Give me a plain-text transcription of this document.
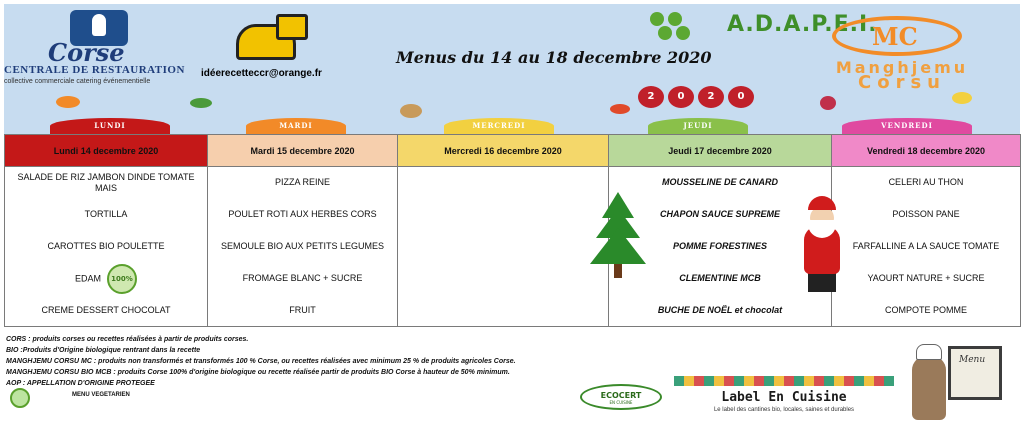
Corse
CENTRALE DE RESTAURATION
collective commerciale catering événementielle
idéerecetteccr@orange.fr
Menus du 14 au 18 decembre 2020
A.D.A.P.E.I.
MC
Manghjemu
Corsu
2 0 2 0
LUNDI	MARDI	MERCREDI	JEUDI	VENDREDI
Lundi 14 decembre 2020	Mardi 15 decembre 2020	Mercredi 16 decembre 2020	Jeudi 17 decembre 2020	Vendredi 18 decembre 2020
SALADE DE RIZ JAMBON DINDE TOMATE MAIS	PIZZA REINE		MOUSSELINE DE CANARD	CELERI AU THON
TORTILLA	POULET ROTI AUX HERBES CORS		CHAPON SAUCE SUPREME	POISSON PANE
CAROTTES BIO POULETTE	SEMOULE BIO AUX PETITS LEGUMES		POMME FORESTINES	FARFALLINE A LA SAUCE TOMATE
EDAM 100%	FROMAGE BLANC + SUCRE		CLEMENTINE MCB	YAOURT NATURE + SUCRE
CREME DESSERT CHOCOLAT	FRUIT		BUCHE DE NOËL et chocolat	COMPOTE POMME

CORS : produits corses ou recettes réalisées à partir de produits corses.

BIO :Produits d'Origine biologique rentrant dans la recette

MANGHJEMU CORSU MC : produits non transformés et transformés 100 % Corse, ou recettes réalisées avec minimum 25 % de produits agricoles Corse.

MANGHJEMU CORSU BIO MCB : produits Corse 100% d'origine biologique ou recette réalisée partir de produits BIO Corse à hauteur de 50% minimum.

AOP : APPELLATION D'ORIGINE PROTEGEE

MENU VEGETARIEN	ECOCERT
EN CUISINE	Label En Cuisine
Le label des cantines bio, locales, saines et durables
Menu
